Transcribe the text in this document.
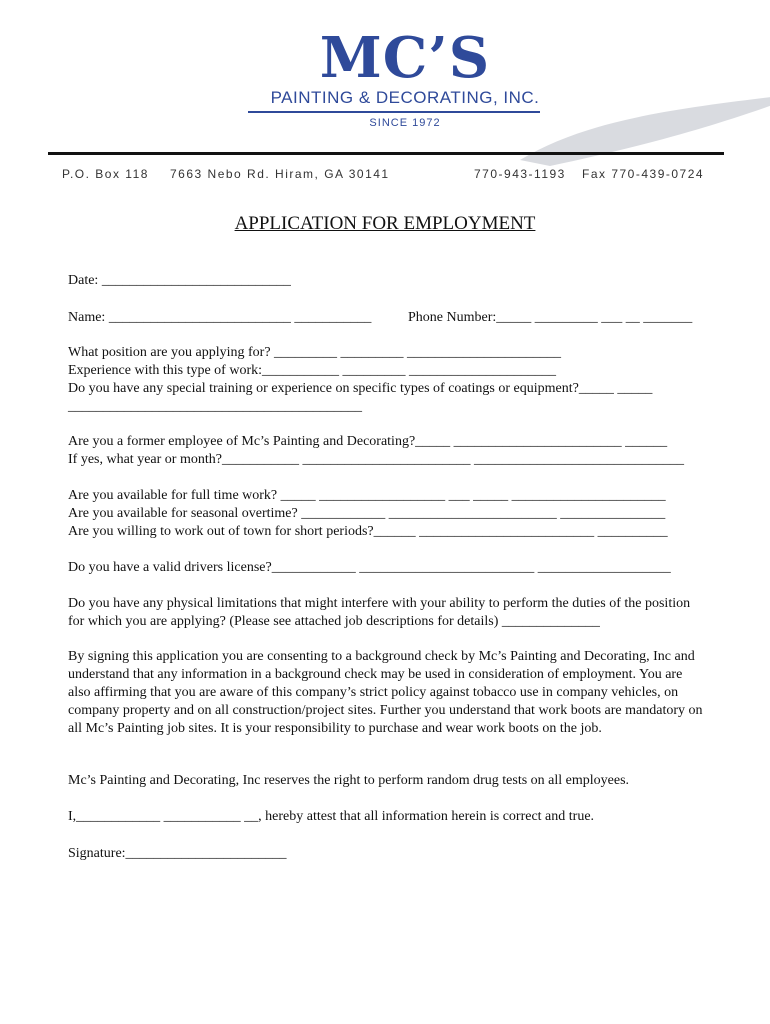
MC’S
PAINTING & DECORATING, INC.
SINCE 1972
P.O. Box 118 7663 Nebo Rd. Hiram, GA 30141	770-943-1193 Fax 770-439-0724
APPLICATION FOR EMPLOYMENT
Date: ___________________________
Name: __________________________ ___________	Phone Number:_____ _________ ___ __ _______
What position are you applying for? _________ _________ ______________________
Experience with this type of work:___________ _________ _____________________
Do you have any special training or experience on specific types of coatings or equipment?_____ _____
__________________________________________
Are you a former employee of Mc’s Painting and Decorating?_____ ________________________ ______
If yes, what year or month?___________ ________________________ ______________________________
Are you available for full time work? _____ __________________ ___ _____ ______________________
Are you available for seasonal overtime? ____________ ________________________ _______________
Are you willing to work out of town for short periods?______ _________________________ __________
Do you have a valid drivers license?____________ _________________________ ___________________
Do you have any physical limitations that might interfere with your ability to perform the duties of the position for which you are applying? (Please see attached job descriptions for details) ______________
By signing this application you are consenting to a background check by Mc’s Painting and Decorating, Inc and understand that any information in a background check may be used in consideration of employment. You are also affirming that you are aware of this company’s strict policy against tobacco use in company vehicles, on company property and on all construction/project sites. Further you understand that work boots are mandatory on all Mc’s Painting job sites. It is your responsibility to purchase and wear work boots on the job.
Mc’s Painting and Decorating, Inc reserves the right to perform random drug tests on all employees.
I,____________ ___________ __, hereby attest that all information herein is correct and true.
Signature:_______________________
